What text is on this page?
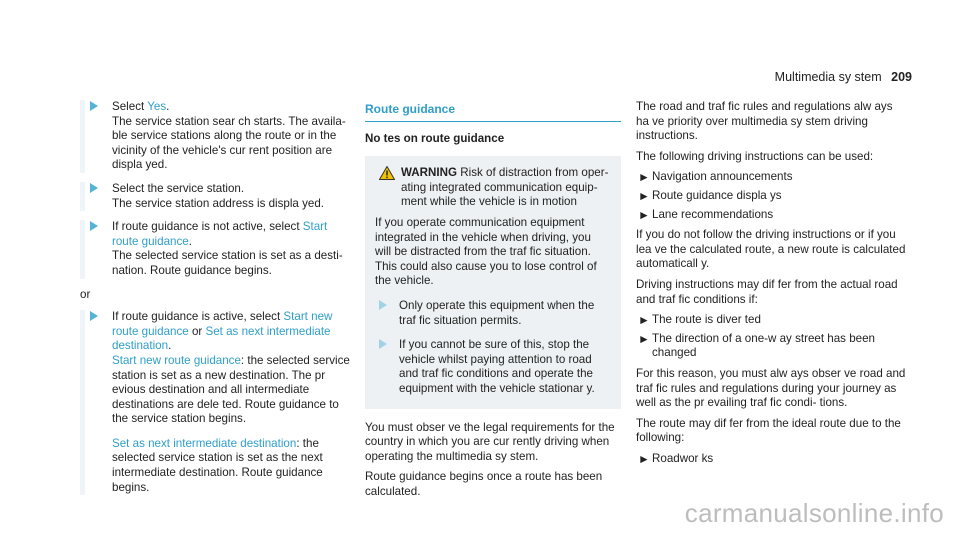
Multimedia sy stem 209
Select Yes.
The service station sear ch starts. The availa- ble service stations along the route or in the vicinity of the vehicle's cur rent position are displa yed.
Select the service station.
The service station address is displa yed.
If route guidance is not active, select Start route guidance.
The selected service station is set as a desti- nation. Route guidance begins.
or
If route guidance is active, select Start new route guidance or Set as next intermediate destination.
Start new route guidance: the selected service station is set as a new destination. The pr evious destination and all intermediate destinations are dele ted. Route guidance to the service station begins.
Set as next intermediate destination: the selected service station is set as the next intermediate destination. Route guidance begins.
Route guidance
No tes on route guidance
WARNING Risk of distraction from oper- ating integrated communication equip- ment while the vehicle is in motion
If you operate communication equipment integrated in the vehicle when driving, you will be distracted from the traf fic situation. This could also cause you to lose control of the vehicle.
Only operate this equipment when the traf fic situation permits.
If you cannot be sure of this, stop the vehicle whilst paying attention to road and traf fic conditions and operate the equipment with the vehicle stationar y.

You must obser ve the legal requirements for the country in which you are cur rently driving when operating the multimedia sy stem.

Route guidance begins once a route has been calculated.

The road and traf fic rules and regulations alw ays ha ve priority over multimedia sy stem driving instructions.

The following driving instructions can be used:

► Navigation announcements
► Route guidance displa ys
► Lane recommendations

If you do not follow the driving instructions or if you lea ve the calculated route, a new route is calculated automaticall y.

Driving instructions may dif fer from the actual road and traf fic conditions if:

► The route is diver ted
► The direction of a one-w ay street has been changed

For this reason, you must alw ays obser ve road and traf fic rules and regulations during your journey as well as the pr evailing traf fic condi- tions.

The route may dif fer from the ideal route due to the following:

► Roadwor ks
carmanualsonline.info
